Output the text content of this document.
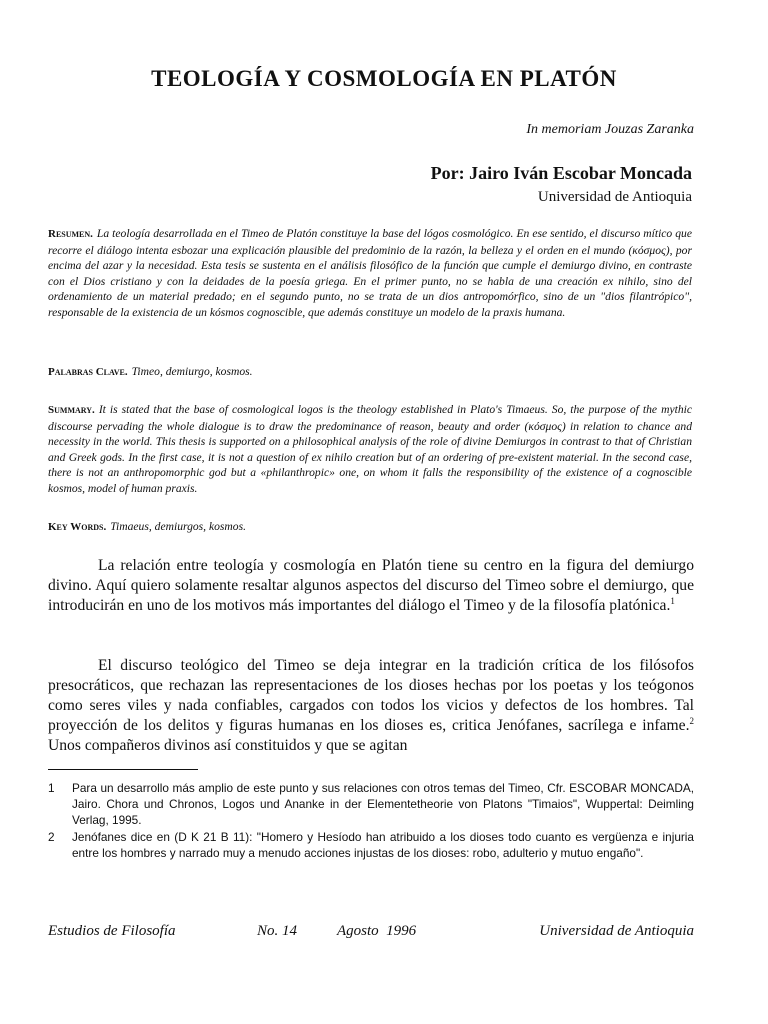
TEOLOGÍA Y COSMOLOGÍA EN PLATÓN
In memoriam Jouzas Zaranka
Por: Jairo Iván Escobar Moncada
Universidad de Antioquia

Resumen. La teología desarrollada en el Timeo de Platón constituye la base del lógos cosmológico. En ese sentido, el discurso mítico que recorre el diálogo intenta esbozar una explicación plausible del predominio de la razón, la belleza y el orden en el mundo (κόσμος), por encima del azar y la necesidad. Esta tesis se sustenta en el análisis filosófico de la función que cumple el demiurgo divino, en contraste con el Dios cristiano y con la deidades de la poesía griega. En el primer punto, no se habla de una creación ex nihilo, sino del ordenamiento de un material predado; en el segundo punto, no se trata de un dios antropomórfico, sino de un "dios filantrópico", responsable de la existencia de un kósmos cognoscible, que además constituye un modelo de la praxis humana.

Palabras Clave. Timeo, demiurgo, kosmos.

Summary. It is stated that the base of cosmological logos is the theology established in Plato's Timaeus. So, the purpose of the mythic discourse pervading the whole dialogue is to draw the predominance of reason, beauty and order (κόσμος) in relation to chance and necessity in the world. This thesis is supported on a philosophical analysis of the role of divine Demiurgos in contrast to that of Christian and Greek gods. In the first case, it is not a question of ex nihilo creation but of an ordering of pre-existent material. In the second case, there is not an anthropomorphic god but a «philanthropic» one, on whom it falls the responsibility of the existence of a cognoscible kosmos, model of human praxis.

Key Words. Timaeus, demiurgos, kosmos.

La relación entre teología y cosmología en Platón tiene su centro en la figura del demiurgo divino. Aquí quiero solamente resaltar algunos aspectos del discurso del Timeo sobre el demiurgo, que introducirán en uno de los motivos más importantes del diálogo el Timeo y de la filosofía platónica.$^1$

El discurso teológico del Timeo se deja integrar en la tradición crítica de los filósofos presocráticos, que rechazan las representaciones de los dioses hechas por los poetas y los teógonos como seres viles y nada confiables, cargados con todos los vicios y defectos de los hombres. Tal proyección de los delitos y figuras humanas en los dioses es, critica Jenófanes, sacrílega e infame.$^2$ Unos compañeros divinos así constituidos y que se agitan

1 Para un desarrollo más amplio de este punto y sus relaciones con otros temas del Timeo, Cfr. ESCOBAR MONCADA, Jairo. Chora und Chronos, Logos und Ananke in der Elementetheorie von Platons "Timaios", Wuppertal: Deimling Verlag, 1995.
2 Jenófanes dice en (D K 21 B 11): "Homero y Hesíodo han atribuido a los dioses todo cuanto es vergüenza e injuria entre los hombres y narrado muy a menudo acciones injustas de los dioses: robo, adulterio y mutuo engaño".
Estudios de Filosofía	No. 14	Agosto  1996	Universidad de Antioquia
